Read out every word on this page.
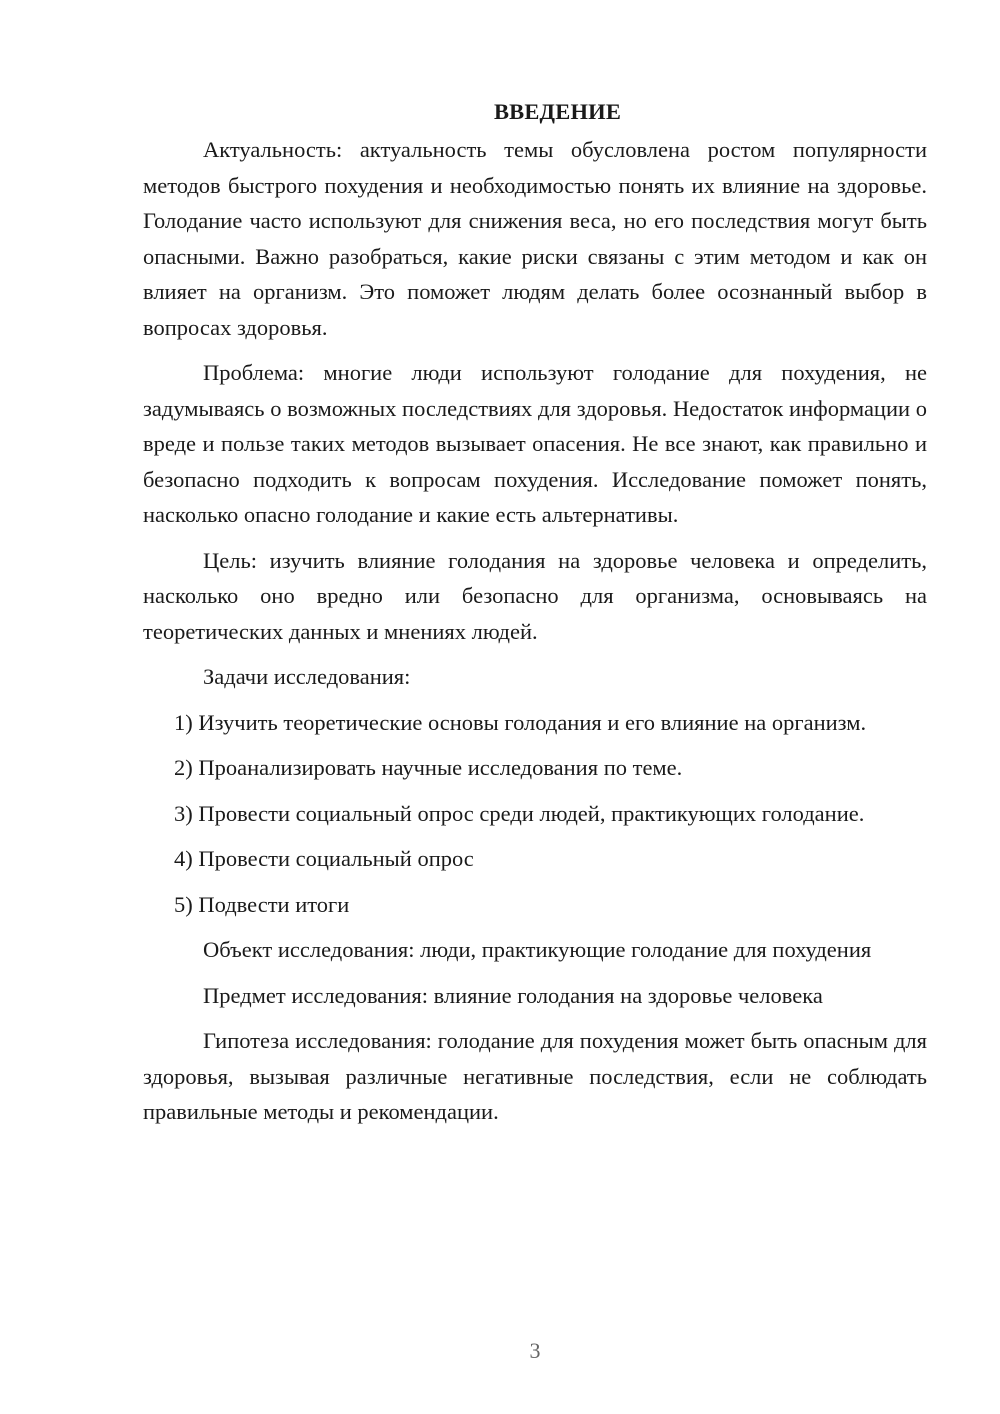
ВВЕДЕНИЕ
Актуальность: актуальность темы обусловлена ростом популярности методов быстрого похудения и необходимостью понять их влияние на здоровье. Голодание часто используют для снижения веса, но его последствия могут быть опасными. Важно разобраться, какие риски связаны с этим методом и как он влияет на организм. Это поможет людям делать более осознанный выбор в вопросах здоровья.
Проблема: многие люди используют голодание для похудения, не задумываясь о возможных последствиях для здоровья. Недостаток информации о вреде и пользе таких методов вызывает опасения. Не все знают, как правильно и безопасно подходить к вопросам похудения. Исследование поможет понять, насколько опасно голодание и какие есть альтернативы.
Цель: изучить влияние голодания на здоровье человека и определить, насколько оно вредно или безопасно для организма, основываясь на теоретических данных и мнениях людей.
Задачи исследования:
1) Изучить теоретические основы голодания и его влияние на организм.
2) Проанализировать научные исследования по теме.
3) Провести социальный опрос среди людей, практикующих голодание.
4) Провести социальный опрос
5) Подвести итоги
Объект исследования: люди, практикующие голодание для похудения
Предмет исследования: влияние голодания на здоровье человека
Гипотеза исследования: голодание для похудения может быть опасным для здоровья, вызывая различные негативные последствия, если не соблюдать правильные методы и рекомендации.
3
